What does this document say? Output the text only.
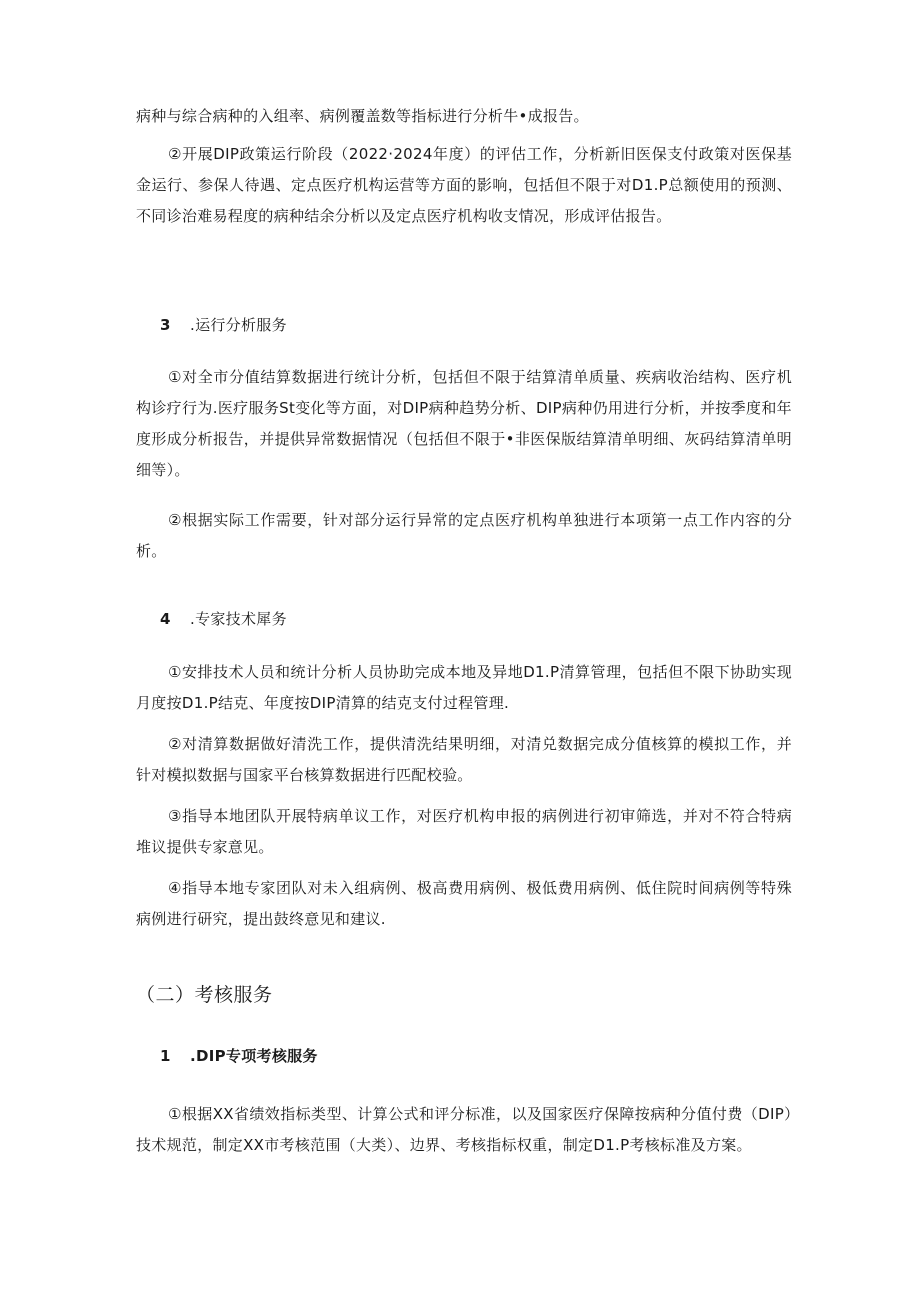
病种与综合病种的入组率、病例覆盖数等指标进行分析牛•成报告。
②开展DIP政策运行阶段（2022·2024年度）的评估工作，分析新旧医保支付政策对医保基金运行、参保人待遇、定点医疗机构运营等方面的影响，包括但不限于对D1.P总额使用的预测、不同诊治难易程度的病种结余分析以及定点医疗机构收支情况，形成评估报告。
3 .运行分析服务
①对全市分值结算数据进行统计分析，包括但不限于结算清单质量、疾病收治结构、医疗机构诊疗行为.医疗服务St变化等方面，对DIP病种趋势分析、DIP病种仍用进行分析，并按季度和年度形成分析报告，并提供异常数据情况（包括但不限于•非医保版结算清单明细、灰码结算清单明细等）。
②根据实际工作需要，针对部分运行异常的定点医疗机构单独进行本项第一点工作内容的分析。
4 .专家技术犀务
①安排技术人员和统计分析人员协助完成本地及异地D1.P清算管理，包括但不限下协助实现月度按D1.P结克、年度按DIP清算的结克支付过程管理.
②对清算数据做好清洗工作，提供清洗结果明细，对清兑数据完成分值核算的模拟工作，并针对模拟数据与国家平台核算数据进行匹配校验。
③指导本地团队开展特病单议工作，对医疗机构申报的病例进行初审筛选，并对不符合特病堆议提供专家意见。
④指导本地专家团队对未入组病例、极高费用病例、极低费用病例、低住院时间病例等特殊病例进行研究，提出鼓终意见和建议.
（二）考核服务
1 .DIP专项考核服务
①根据XX省绩效指标类型、计算公式和评分标准，以及国家医疗保障按病种分值付费（DIP）技术规范，制定XX市考核范围（大类）、边界、考核指标权重，制定D1.P考核标准及方案。
